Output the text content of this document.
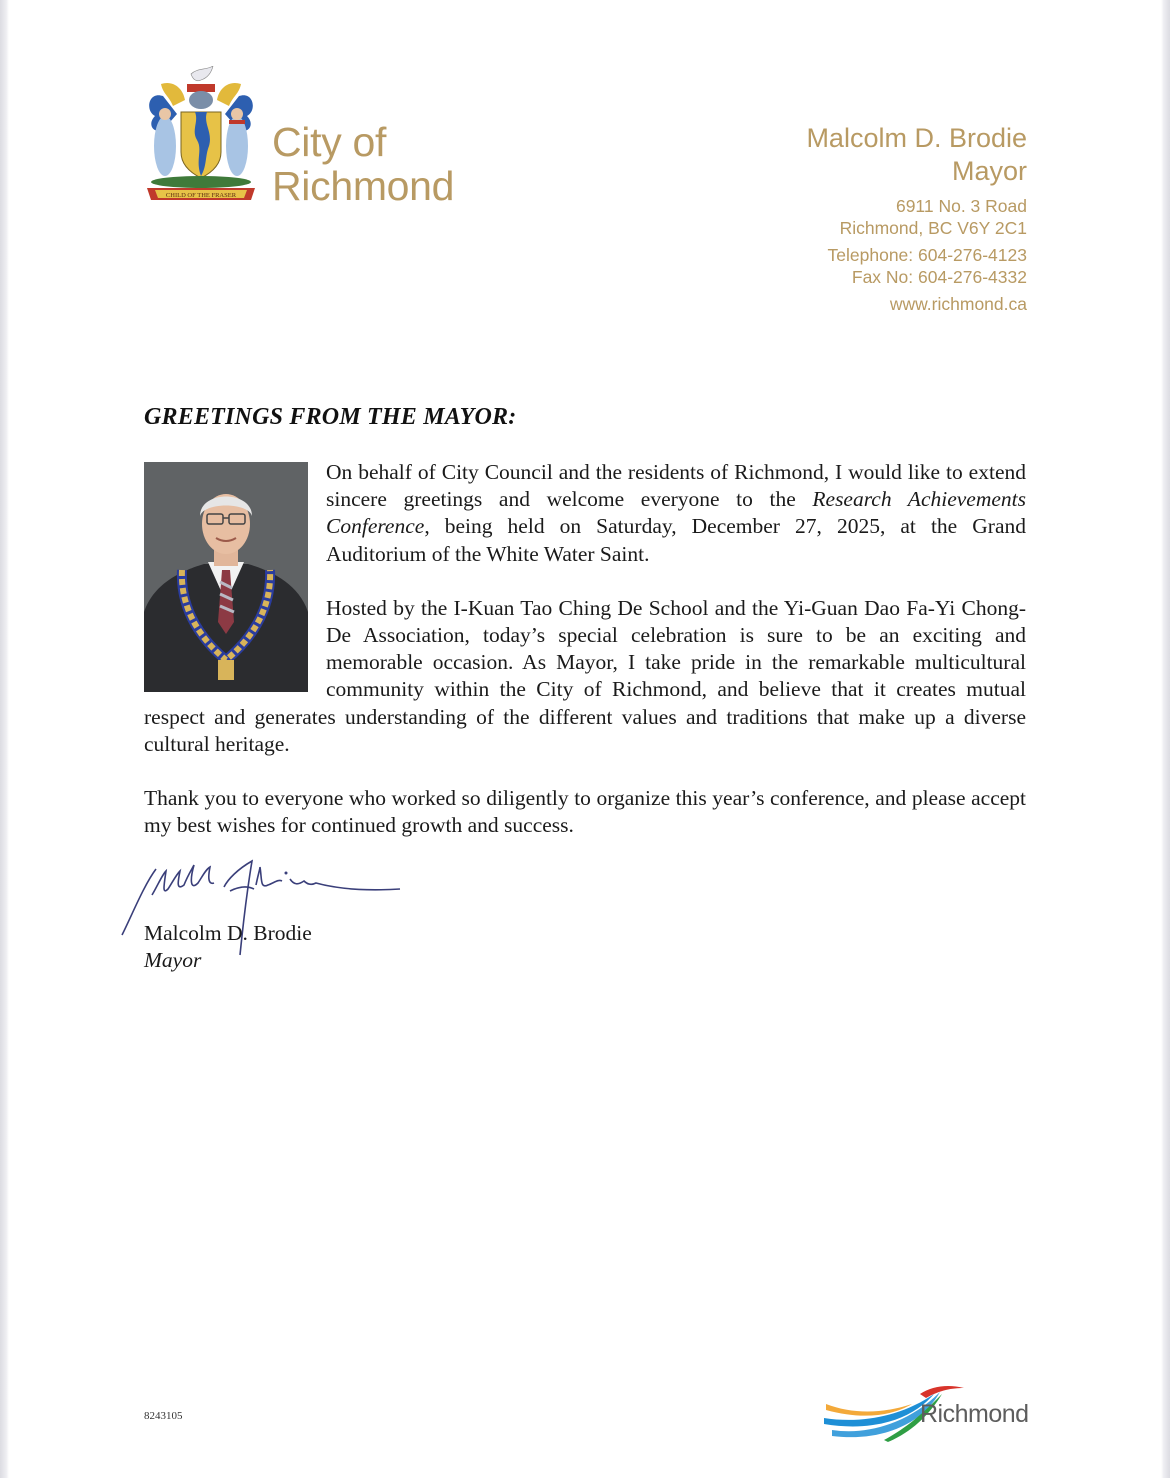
CHILD OF THE FRASER
City of
Richmond
Malcolm D. Brodie
Mayor
6911 No. 3 Road
Richmond, BC V6Y 2C1
Telephone: 604-276-4123
Fax No: 604-276-4332
www.richmond.ca
GREETINGS FROM THE MAYOR:

On behalf of City Council and the residents of Richmond, I would like to extend sincere greetings and welcome everyone to the Research Achievements Conference, being held on Saturday, December 27, 2025, at the Grand Auditorium of the White Water Saint.

Hosted by the I-Kuan Tao Ching De School and the Yi-Guan Dao Fa-Yi Chong-De Association, today’s special celebration is sure to be an exciting and memorable occasion. As Mayor, I take pride in the remarkable multicultural community within the City of Richmond, and believe that it creates mutual respect and generates understanding of the different values and traditions that make up a diverse cultural heritage.

Thank you to everyone who worked so diligently to organize this year’s conference, and please accept my best wishes for continued growth and success.

Malcolm D. Brodie
Mayor
8243105	Richmond
